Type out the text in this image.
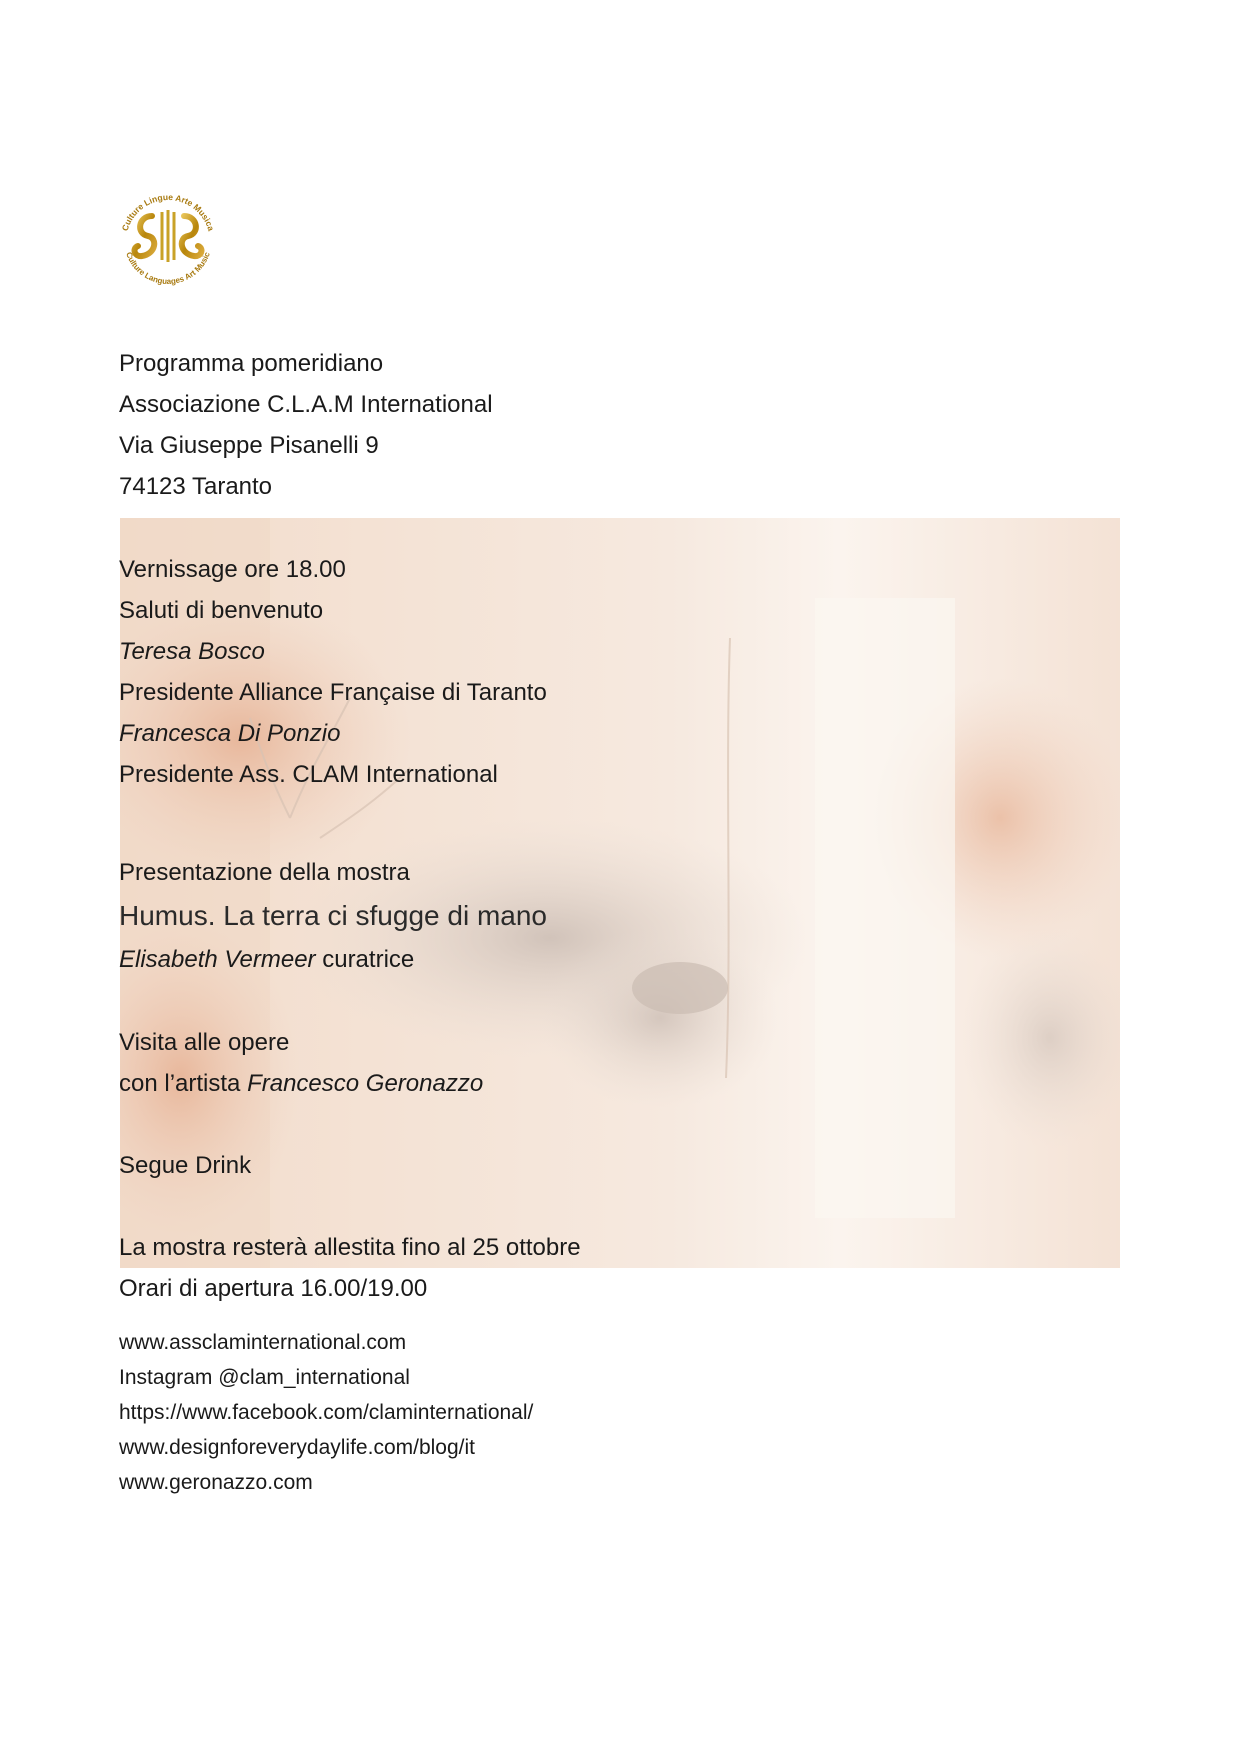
Culture Lingue Arte Musica
Culture Languages Art Music
Programma pomeridiano
Associazione C.L.A.M International
Via Giuseppe Pisanelli 9
74123 Taranto
Vernissage ore 18.00
Saluti di benvenuto
Teresa Bosco
Presidente Alliance Française di Taranto
Francesca Di Ponzio
Presidente Ass. CLAM International
Presentazione della mostra
Humus. La terra ci sfugge di mano
Elisabeth Vermeer curatrice
Visita alle opere
con l’artista Francesco Geronazzo
Segue Drink
La mostra resterà allestita fino al 25 ottobre
Orari di apertura 16.00/19.00
www.assclaminternational.com
Instagram @clam_international
https://www.facebook.com/claminternational/
www.designforeverydaylife.com/blog/it
www.geronazzo.com
